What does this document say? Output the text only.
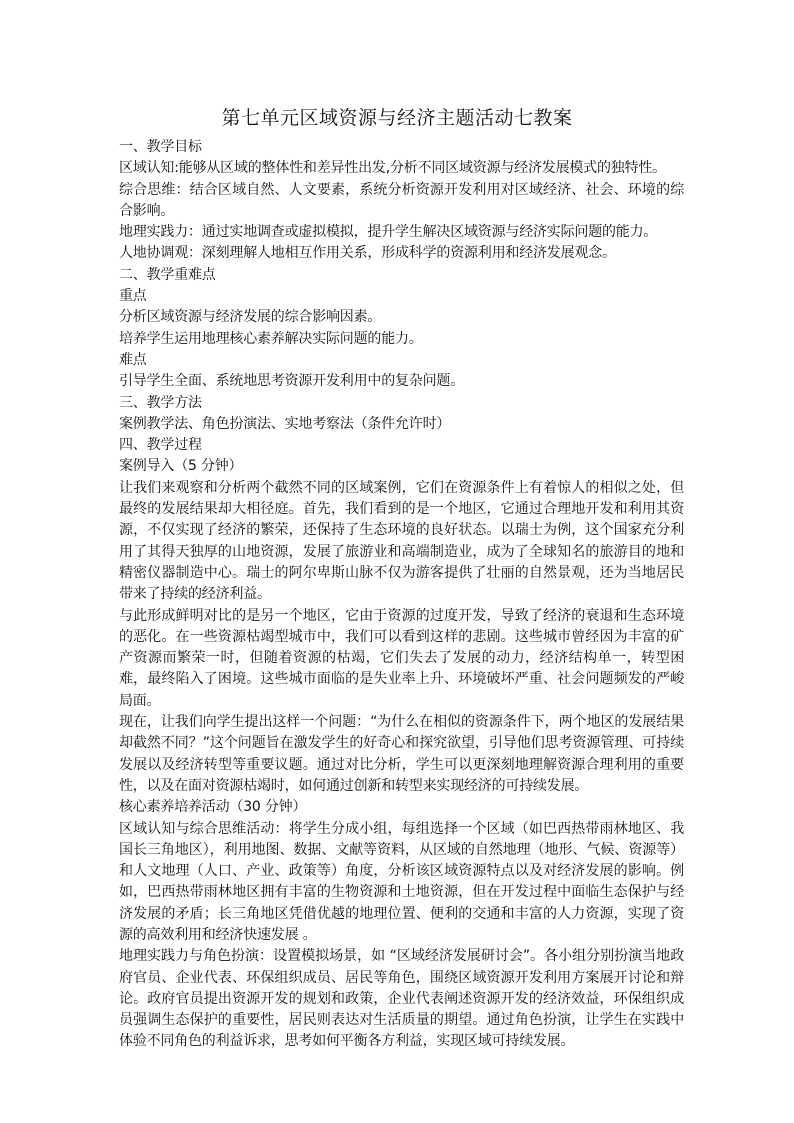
第七单元区域资源与经济主题活动七教案

一、教学目标

区域认知:能够从区域的整体性和差异性出发,分析不同区域资源与经济发展模式的独特性。

综合思维：结合区域自然、人文要素，系统分析资源开发利用对区域经济、社会、环境的综合影响。

地理实践力：通过实地调查或虚拟模拟，提升学生解决区域资源与经济实际问题的能力。

人地协调观：深刻理解人地相互作用关系，形成科学的资源利用和经济发展观念。

二、教学重难点

重点

分析区域资源与经济发展的综合影响因素。

培养学生运用地理核心素养解决实际问题的能力。

难点

引导学生全面、系统地思考资源开发利用中的复杂问题。

三、教学方法

案例教学法、角色扮演法、实地考察法（条件允许时）

四、教学过程

案例导入（5 分钟）

让我们来观察和分析两个截然不同的区域案例，它们在资源条件上有着惊人的相似之处，但最终的发展结果却大相径庭。首先，我们看到的是一个地区，它通过合理地开发和利用其资源，不仅实现了经济的繁荣，还保持了生态环境的良好状态。以瑞士为例，这个国家充分利用了其得天独厚的山地资源，发展了旅游业和高端制造业，成为了全球知名的旅游目的地和精密仪器制造中心。瑞士的阿尔卑斯山脉不仅为游客提供了壮丽的自然景观，还为当地居民带来了持续的经济利益。

与此形成鲜明对比的是另一个地区，它由于资源的过度开发，导致了经济的衰退和生态环境的恶化。在一些资源枯竭型城市中，我们可以看到这样的悲剧。这些城市曾经因为丰富的矿产资源而繁荣一时，但随着资源的枯竭，它们失去了发展的动力，经济结构单一，转型困难，最终陷入了困境。这些城市面临的是失业率上升、环境破坏严重、社会问题频发的严峻局面。

现在，让我们向学生提出这样一个问题：“为什么在相似的资源条件下，两个地区的发展结果却截然不同？”这个问题旨在激发学生的好奇心和探究欲望，引导他们思考资源管理、可持续发展以及经济转型等重要议题。通过对比分析，学生可以更深刻地理解资源合理利用的重要性，以及在面对资源枯竭时，如何通过创新和转型来实现经济的可持续发展。

核心素养培养活动（30 分钟）

区域认知与综合思维活动：将学生分成小组，每组选择一个区域（如巴西热带雨林地区、我国长三角地区），利用地图、数据、文献等资料，从区域的自然地理（地形、气候、资源等）和人文地理（人口、产业、政策等）角度，分析该区域资源特点以及对经济发展的影响。例如，巴西热带雨林地区拥有丰富的生物资源和土地资源，但在开发过程中面临生态保护与经济发展的矛盾；长三角地区凭借优越的地理位置、便利的交通和丰富的人力资源，实现了资源的高效利用和经济快速发展 。

地理实践力与角色扮演：设置模拟场景，如 “区域经济发展研讨会”。各小组分别扮演当地政府官员、企业代表、环保组织成员、居民等角色，围绕区域资源开发利用方案展开讨论和辩论。政府官员提出资源开发的规划和政策，企业代表阐述资源开发的经济效益，环保组织成员强调生态保护的重要性，居民则表达对生活质量的期望。通过角色扮演，让学生在实践中体验不同角色的利益诉求，思考如何平衡各方利益，实现区域可持续发展。
